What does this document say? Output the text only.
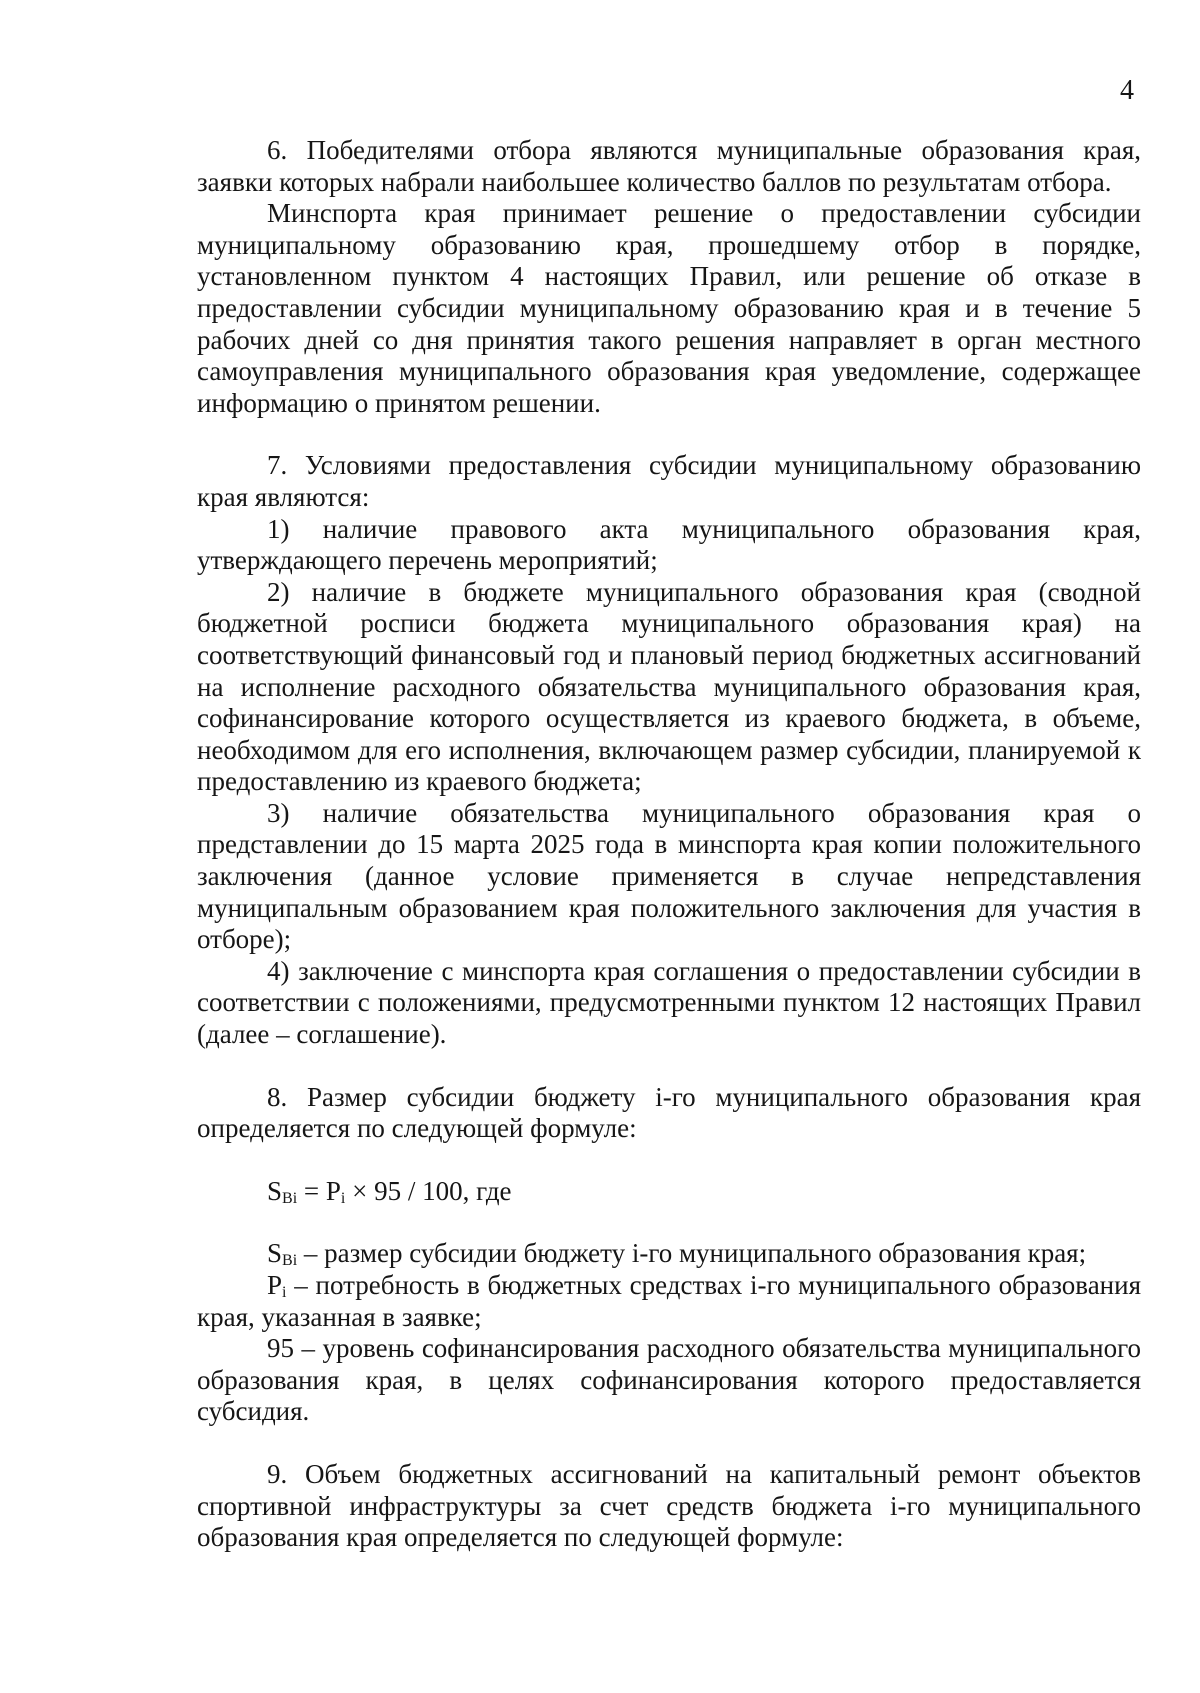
4

6. Победителями отбора являются муниципальные образования края, заявки которых набрали наибольшее количество баллов по результатам отбора.

Минспорта края принимает решение о предоставлении субсидии муниципальному образованию края, прошедшему отбор в порядке, установленном пунктом 4 настоящих Правил, или решение об отказе в предоставлении субсидии муниципальному образованию края и в течение 5 рабочих дней со дня принятия такого решения направляет в орган местного самоуправления муниципального образования края уведомление, содержащее информацию о принятом решении.

7. Условиями предоставления субсидии муниципальному образованию края являются:

1) наличие правового акта муниципального образования края, утверждающего перечень мероприятий;

2) наличие в бюджете муниципального образования края (сводной бюджетной росписи бюджета муниципального образования края) на соответствующий финансовый год и плановый период бюджетных ассигнований на исполнение расходного обязательства муниципального образования края, софинансирование которого осуществляется из краевого бюджета, в объеме, необходимом для его исполнения, включающем размер субсидии, планируемой к предоставлению из краевого бюджета;

3) наличие обязательства муниципального образования края о представлении до 15 марта 2025 года в минспорта края копии положительного заключения (данное условие применяется в случае непредставления муниципальным образованием края положительного заключения для участия в отборе);

4) заключение с минспорта края соглашения о предоставлении субсидии в соответствии с положениями, предусмотренными пунктом 12 настоящих Правил (далее – соглашение).

8. Размер субсидии бюджету i-го муниципального образования края определяется по следующей формуле:

$S_{Bi} = P_i \times 95 / 100$, где

$S_{Bi}$ – размер субсидии бюджету i-го муниципального образования края;

$P_i$ – потребность в бюджетных средствах i-го муниципального образования края, указанная в заявке;

95 – уровень софинансирования расходного обязательства муниципального образования края, в целях софинансирования которого предоставляется субсидия.

9. Объем бюджетных ассигнований на капитальный ремонт объектов спортивной инфраструктуры за счет средств бюджета i-го муниципального образования края определяется по следующей формуле:
